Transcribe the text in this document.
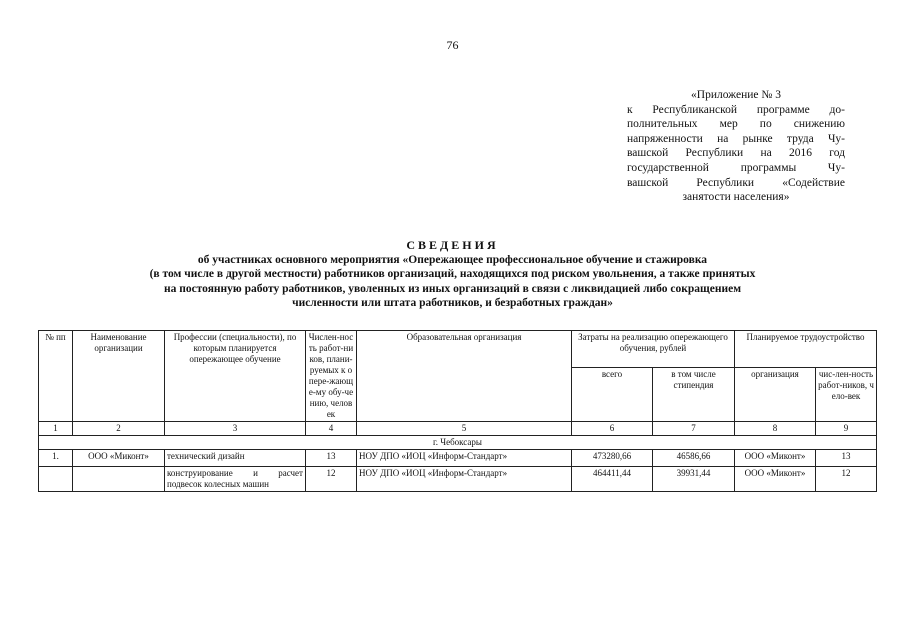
76
«Приложение № 3
к Республиканской программе до-
полнительных мер по снижению
напряженности на рынке труда Чу-
вашской Республики на 2016 год
государственной программы Чу-
вашской Республики «Содействие
занятости населения»
СВЕДЕНИЯ
об участниках основного мероприятия «Опережающее профессиональное обучение и стажировка
(в том числе в другой местности) работников организаций, находящихся под риском увольнения, а также принятых
на постоянную работу работников, уволенных из иных организаций в связи с ликвидацией либо сокращением
численности или штата работников, и безработных граждан»
№ пп	Наименование организации	Профессии (специальности), по которым планируется опережающее обучение	Числен-ность работ-ников, плани-руемых к опере-жающе-му обу-чению, человек	Образовательная организация	Затраты на реализацию опережающего обучения, рублей		Планируемое трудоустройство	
					всего	в том числе стипендия	организация	чис-лен-ность работ-ников, чело-век
1	2	3	4	5	6	7	8	9
г. Чебоксары								
1.	ООО «Миконт»	технический дизайн	13	НОУ ДПО «ИОЦ «Информ-Стандарт»	473280,66	46586,66	ООО «Миконт»	13
		конструирование и расчет
подвесок колесных машин	12	НОУ ДПО «ИОЦ «Информ-Стандарт»	464411,44	39931,44	ООО «Миконт»	12
